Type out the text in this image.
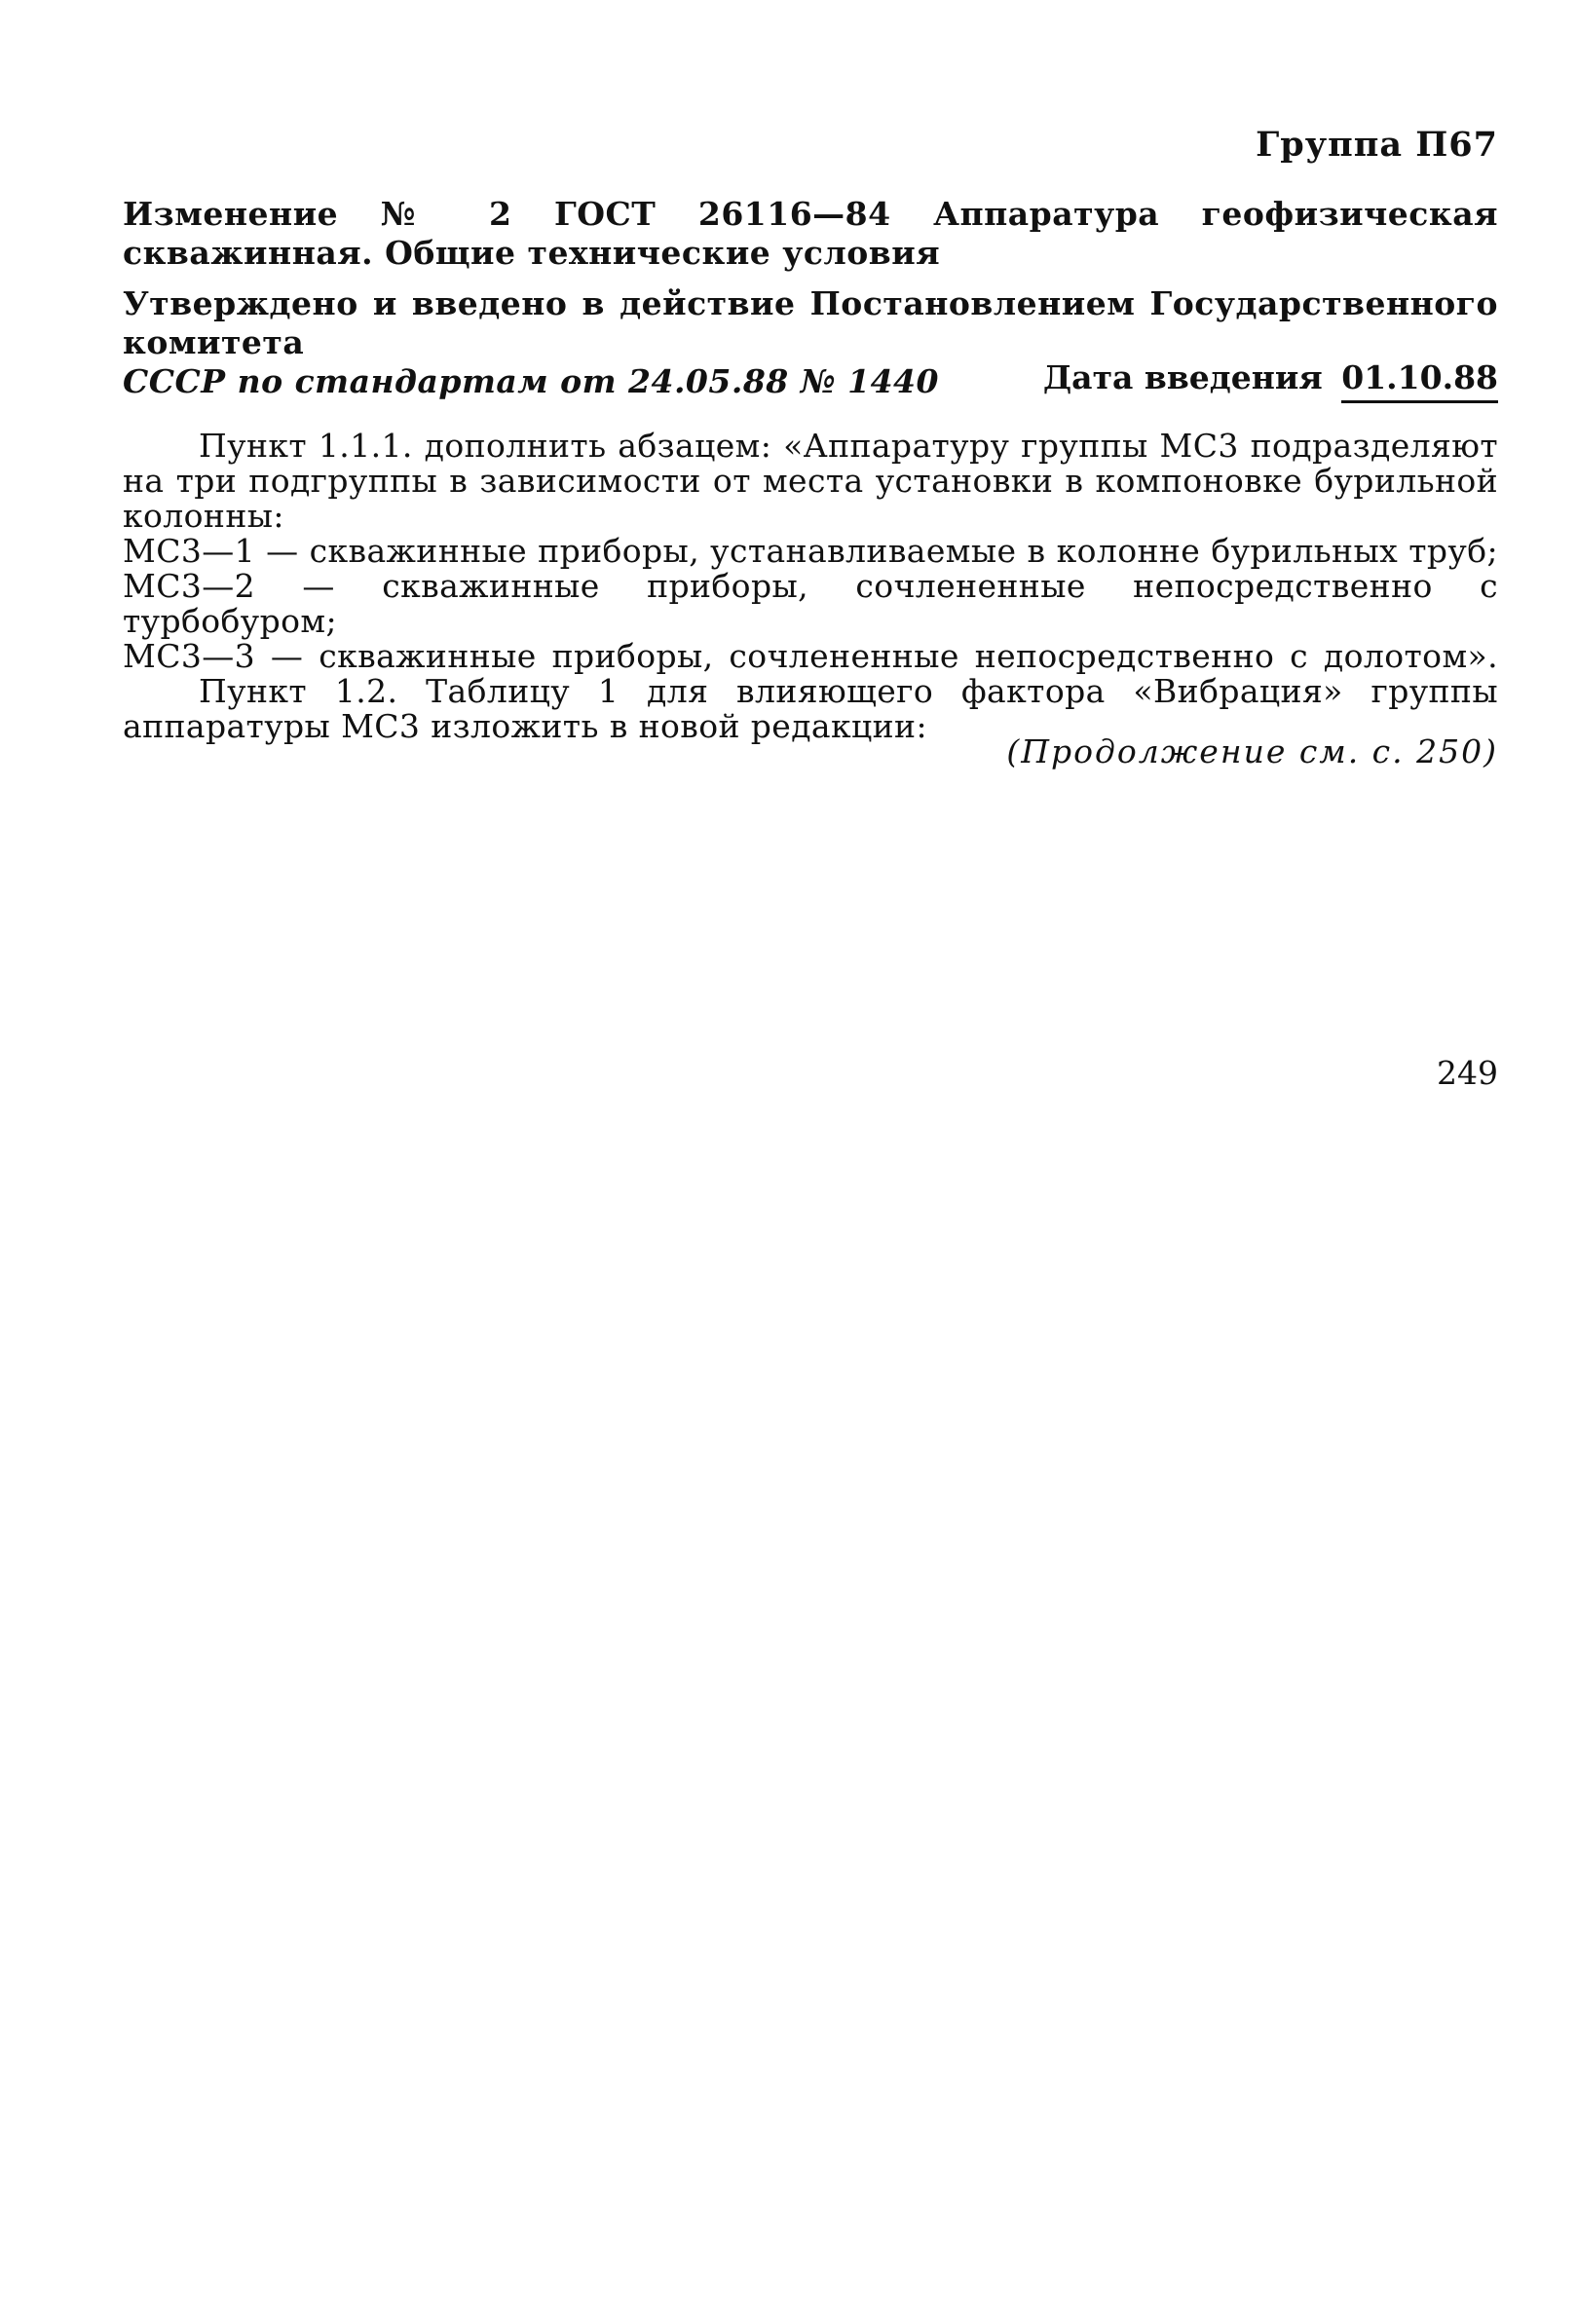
Группа П67
Изменение № 2 ГОСТ 26116—84 Аппаратура геофизическая скважинная. Общие технические условия
Утверждено и введено в действие Постановлением Государственного комитета
СССР по стандартам от 24.05.88 № 1440	Дата введения 01.10.88

Пункт 1.1.1. дополнить абзацем: «Аппаратуру группы МС3 подразделяют на три подгруппы в зависимости от места установки в компоновке бурильной колонны:

МС3—1 — скважинные приборы, устанавливаемые в колонне бурильных труб;

МС3—2 — скважинные приборы, сочлененные непосредственно с турбобуром;

МС3—3 — скважинные приборы, сочлененные непосредственно с долотом».

Пункт 1.2. Таблицу 1 для влияющего фактора «Вибрация» группы аппаратуры МС3 изложить в новой редакции:

(Продолжение см. с. 250)
249
